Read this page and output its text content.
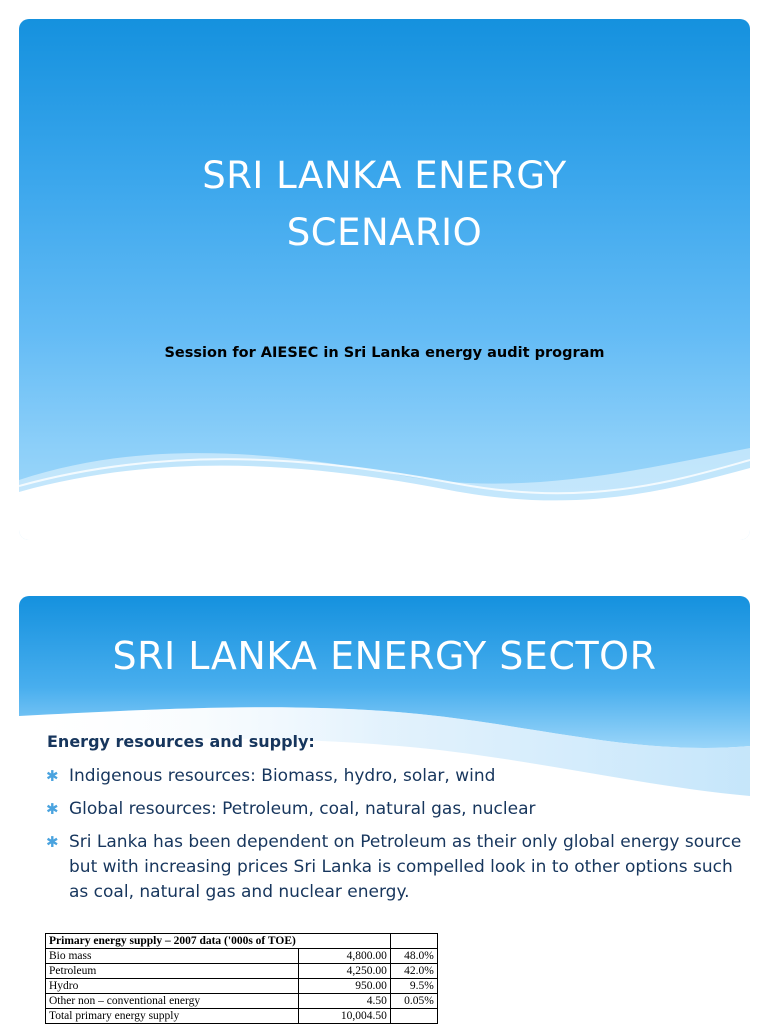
SRI LANKA ENERGY
SCENARIO
Session for AIESEC in Sri Lanka energy audit program
SRI LANKA ENERGY SECTOR
Energy resources and supply:
✱ Indigenous resources: Biomass, hydro, solar, wind
✱ Global resources: Petroleum, coal, natural gas, nuclear
✱ Sri Lanka has been dependent on Petroleum as their only global energy source but with increasing prices Sri Lanka is compelled look in to other options such as coal, natural gas and nuclear energy.
Primary energy supply – 2007 data ('000s of TOE)		
Bio mass	4,800.00	48.0%
Petroleum	4,250.00	42.0%
Hydro	950.00	9.5%
Other non – conventional energy	4.50	0.05%
Total primary energy supply	10,004.50	
